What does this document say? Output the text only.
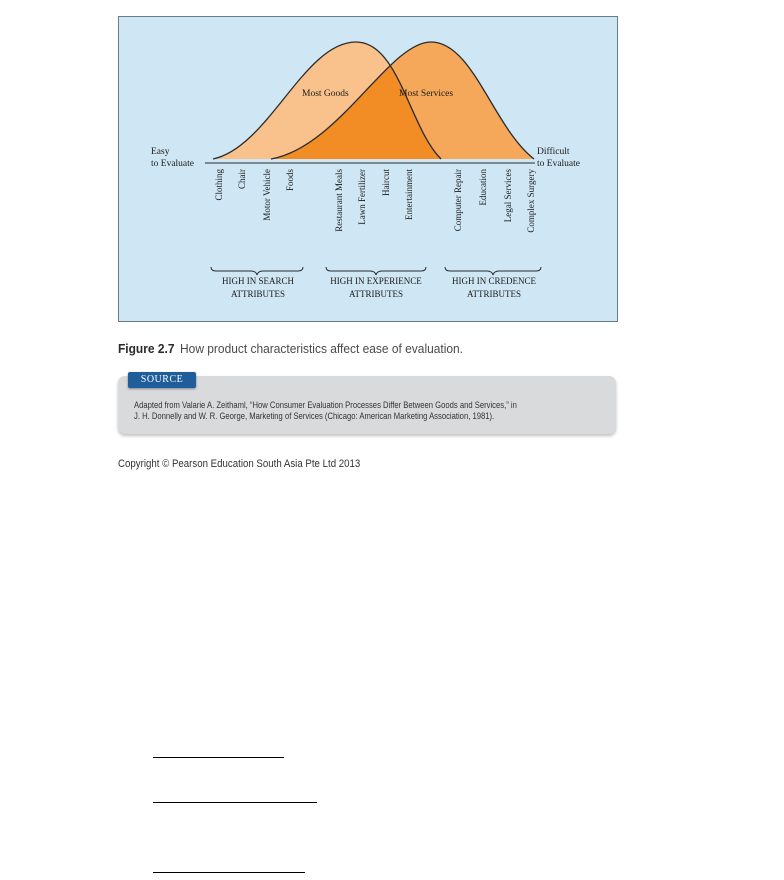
Most Goods	Most Services
Easy
to Evaluate
Difficult
to Evaluate
Clothing Chair Motor Vehicle Foods	Restaurant Meals Lawn Fertilizer Haircut Entertainment	Computer Repair Education Legal Services Complex Surgery
HIGH IN SEARCH
ATTRIBUTES
HIGH IN EXPERIENCE
ATTRIBUTES
HIGH IN CREDENCE
ATTRIBUTES
Figure 2.7 How product characteristics affect ease of evaluation.
SOURCE
Adapted from Valarie A. Zeithaml, “How Consumer Evaluation Processes Differ Between Goods and Services,” in
J. H. Donnelly and W. R. George, Marketing of Services (Chicago: American Marketing Association, 1981).
Copyright © Pearson Education South Asia Pte Ltd 2013
